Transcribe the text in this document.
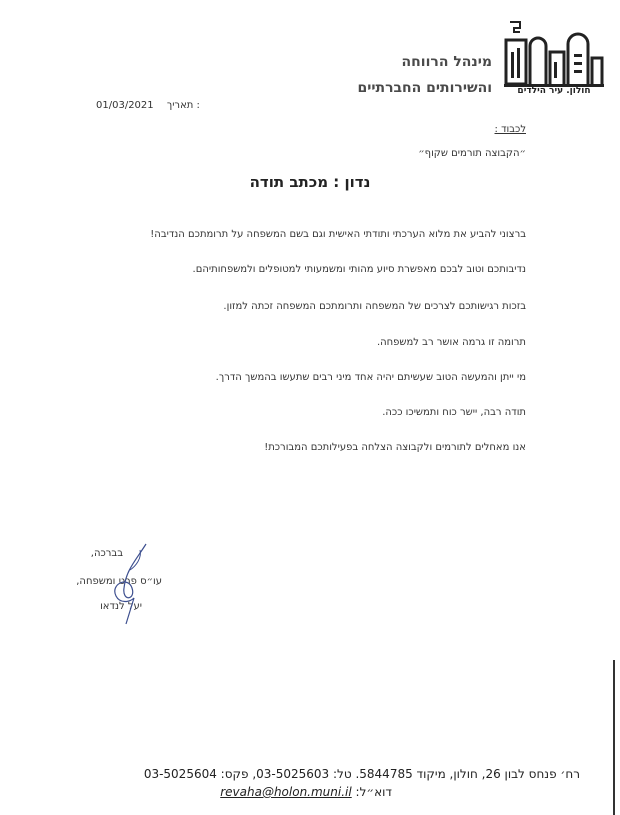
חולון. עיר הילדים
מינהל הרווחה
והשירותים החברתיים
01/03/2021 תאריך :
לכבוד :
״הקבוצה תורמים שקוף״
נדון : מכתב תודה
ברצוני להביע את מלוא הערכתי ותודתי האישית וגם בשם המשפחה על תרומתכם הנדיבה!
נדיבותכם וטוב לבכם מאפשרת סיוע מהותי ומשמעותי למטופלים ולמשפחותיהם.
בזכות רגישותכם לצרכים של המשפחה ותרומתכם המשפחה זכתה למזון.
תרומה זו גרמה אושר רב למשפחה.
מי ייתן והמעשה הטוב שעשיתם יהיה אחד מיני רבים שתעשו בהמשך הדרך.
תודה רבה, יישר כוח ותמשיכו ככה.
אנו מאחלים לתורמים ולקבוצה הצלחה בפעילותכם המבורכת!
בברכה,
עו״ס פרט ומשפחה,
יעל לנדאו
רח׳ פנחס לבון 26, חולון, מיקוד 5844785. טל: 03-5025603, פקס: 03-5025604
דוא״ל: revaha@holon.muni.il
